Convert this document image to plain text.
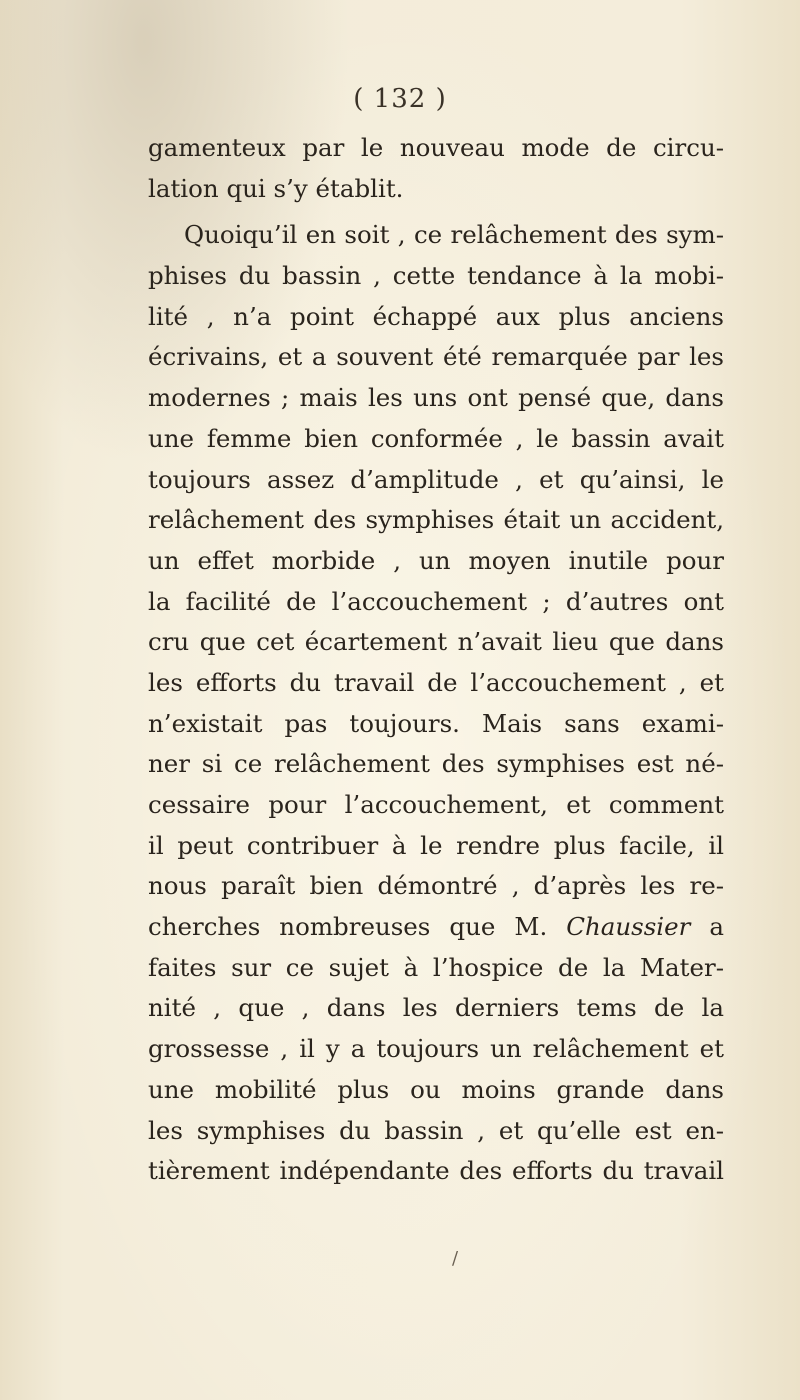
( 132 )
gamenteux par le nouveau mode de circu-
lation qui s’y établit.
Quoiqu’il en soit , ce relâchement des sym-
phises du bassin , cette tendance à la mobi-
lité , n’a point échappé aux plus anciens
écrivains, et a souvent été remarquée par les
modernes ; mais les uns ont pensé que, dans
une femme bien conformée , le bassin avait
toujours assez d’amplitude , et qu’ainsi, le
relâchement des symphises était un accident,
un effet morbide , un moyen inutile pour
la facilité de l’accouchement ; d’autres ont
cru que cet écartement n’avait lieu que dans
les efforts du travail de l’accouchement , et
n’existait pas toujours. Mais sans exami-
ner si ce relâchement des symphises est né-
cessaire pour l’accouchement, et comment
il peut contribuer à le rendre plus facile, il
nous paraît bien démontré , d’après les re-
cherches nombreuses que M. Chaussier a
faites sur ce sujet à l’hospice de la Mater-
nité , que , dans les derniers tems de la
grossesse , il y a toujours un relâchement et
une mobilité plus ou moins grande dans
les symphises du bassin , et qu’elle est en-
tièrement indépendante des efforts du travail
/
